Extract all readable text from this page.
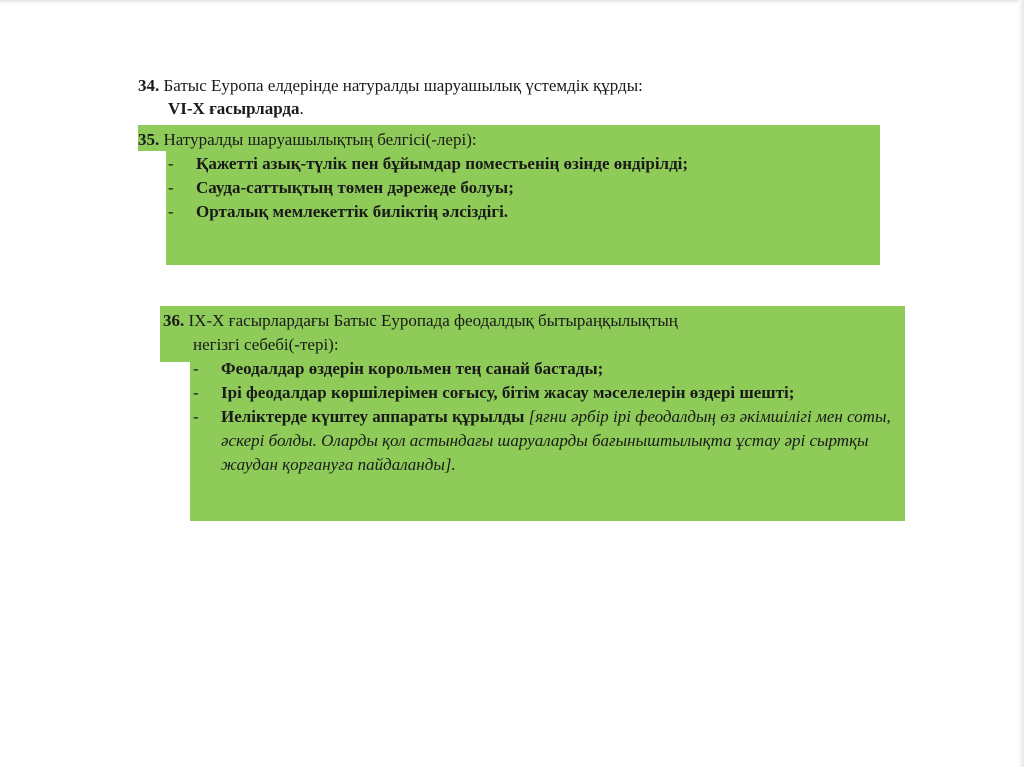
34. Батыс Еуропа елдерінде натуралды шаруашылық үстемдік құрды:
VI-X ғасырларда.
35. Натуралды шаруашылықтың белгісі(-лері):
- Қажетті азық-түлік пен бұйымдар поместьенің өзінде өндірілді;
- Сауда-саттықтың төмен дәрежеде болуы;
- Орталық мемлекеттік биліктің әлсіздігі.
36. IX-X ғасырлардағы Батыс Еуропада феодалдық бытыраңқылықтың
негізгі себебі(-тері):
- Феодалдар өздерін корольмен тең санай бастады;
- Ірі феодалдар көршілерімен соғысу, бітім жасау мәселелерін өздері шешті;
- Иеліктерде күштеу аппараты құрылды [яғни әрбір ірі феодалдың өз әкімшілігі мен соты, әскері болды. Оларды қол астындағы шаруаларды бағыныштылықта ұстау әрі сыртқы жаудан қорғануға пайдаланды].
